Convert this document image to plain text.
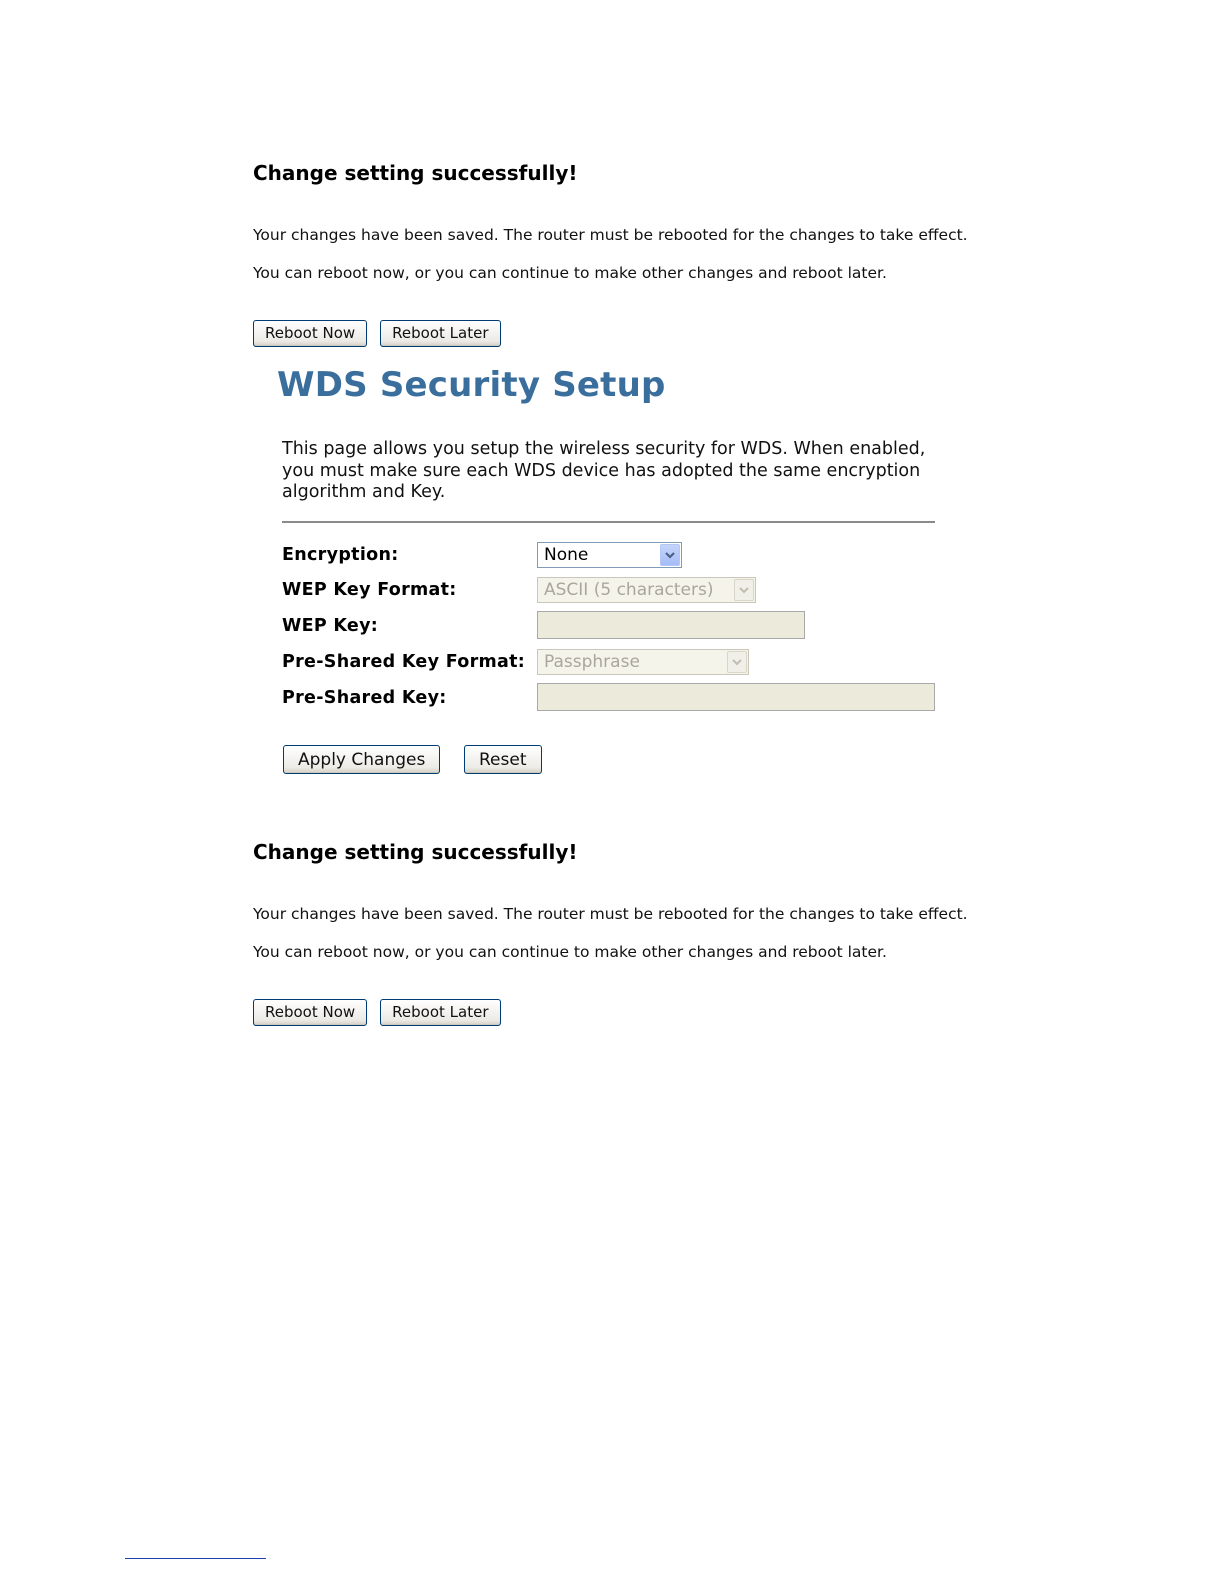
Change setting successfully!

Your changes have been saved. The router must be rebooted for the changes to take effect.

You can reboot now, or you can continue to make other changes and reboot later.

Reboot Now	Reboot Later
WDS Security Setup

This page allows you setup the wireless security for WDS. When enabled, you must make sure each WDS device has adopted the same encryption algorithm and Key.

Encryption:	None
WEP Key Format:	ASCII (5 characters)
WEP Key:
Pre-Shared Key Format: Passphrase
Pre-Shared Key:
Apply Changes	Reset
Change setting successfully!

Your changes have been saved. The router must be rebooted for the changes to take effect.

You can reboot now, or you can continue to make other changes and reboot later.

Reboot Now	Reboot Later
